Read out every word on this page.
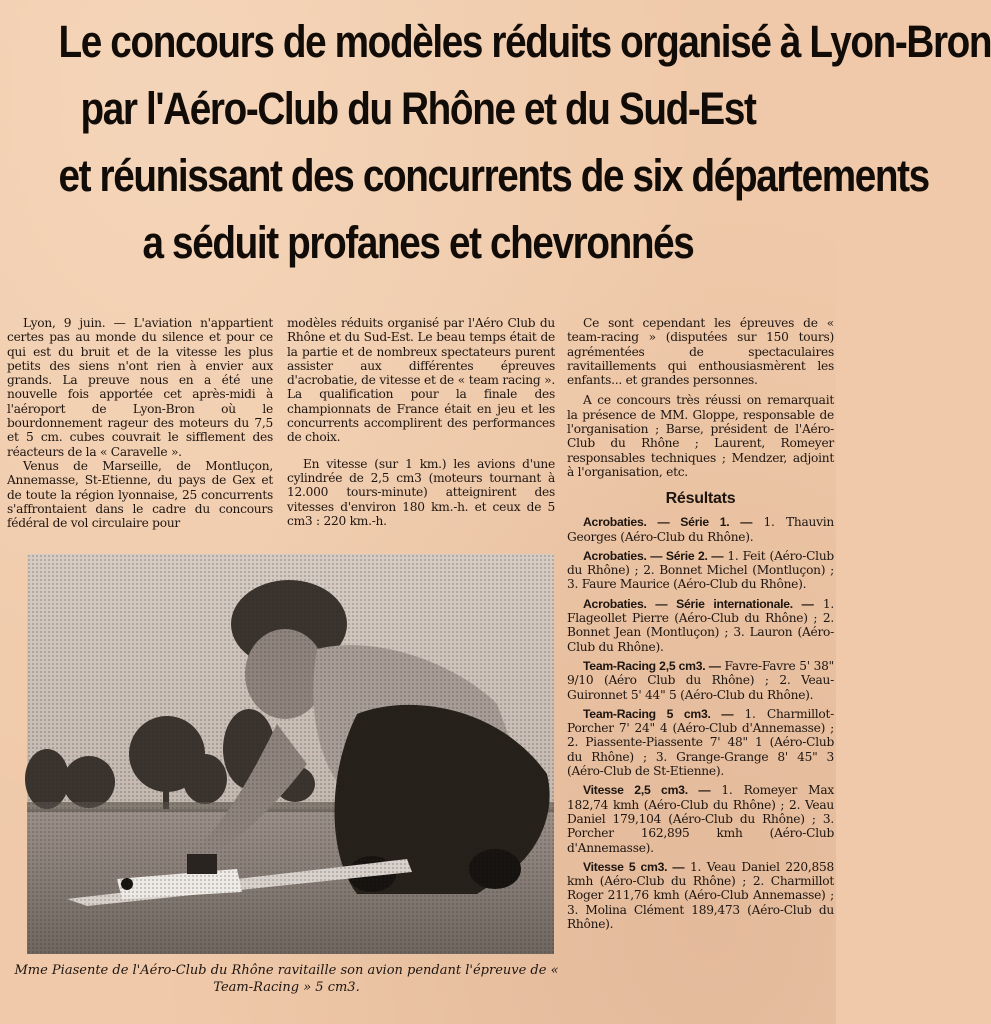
Le concours de modèles réduits organisé à Lyon-Bron
par l'Aéro-Club du Rhône et du Sud-Est
et réunissant des concurrents de six départements
a séduit profanes et chevronnés

Lyon, 9 juin. — L'aviation n'appartient certes pas au monde du silence et pour ce qui est du bruit et de la vitesse les plus petits des siens n'ont rien à envier aux grands. La preuve nous en a été une nouvelle fois apportée cet après-midi à l'aéroport de Lyon-Bron où le bourdonnement rageur des moteurs du 7,5 et 5 cm. cubes couvrait le sifflement des réacteurs de la « Caravelle ».

Venus de Marseille, de Montluçon, Annemasse, St-Etienne, du pays de Gex et de toute la région lyonnaise, 25 concurrents s'affrontaient dans le cadre du concours fédéral de vol circulaire pour

modèles réduits organisé par l'Aéro Club du Rhône et du Sud-Est. Le beau temps était de la partie et de nombreux spectateurs purent assister aux différentes épreuves d'acrobatie, de vitesse et de « team racing ». La qualification pour la finale des championnats de France était en jeu et les concurrents accomplirent des performances de choix.

En vitesse (sur 1 km.) les avions d'une cylindrée de 2,5 cm3 (moteurs tournant à 12.000 tours-minute) atteignirent des vitesses d'environ 180 km.-h. et ceux de 5 cm3 : 220 km.-h.

Ce sont cependant les épreuves de « team-racing » (disputées sur 150 tours) agrémentées de spectaculaires ravitaillements qui enthousiasmèrent les enfants... et grandes personnes.

A ce concours très réussi on remarquait la présence de MM. Gloppe, responsable de l'organisation ; Barse, président de l'Aéro-Club du Rhône ; Laurent, Romeyer responsables techniques ; Mendzer, adjoint à l'organisation, etc.

Résultats

Acrobaties. — Série 1. — 1. Thauvin Georges (Aéro-Club du Rhône).

Acrobaties. — Série 2. — 1. Feit (Aéro-Club du Rhône) ; 2. Bonnet Michel (Montluçon) ; 3. Faure Maurice (Aéro-Club du Rhône).

Acrobaties. — Série internationale. — 1. Flageollet Pierre (Aéro-Club du Rhône) ; 2. Bonnet Jean (Montluçon) ; 3. Lauron (Aéro-Club du Rhône).

Team-Racing 2,5 cm3. — Favre-Favre 5' 38" 9/10 (Aéro Club du Rhône) ; 2. Veau-Guironnet 5' 44" 5 (Aéro-Club du Rhône).

Team-Racing 5 cm3. — 1. Charmillot-Porcher 7' 24" 4 (Aéro-Club d'Annemasse) ; 2. Piassente-Piassente 7' 48" 1 (Aéro-Club du Rhône) ; 3. Grange-Grange 8' 45" 3 (Aéro-Club de St-Etienne).

Vitesse 2,5 cm3. — 1. Romeyer Max 182,74 kmh (Aéro-Club du Rhône) ; 2. Veau Daniel 179,104 (Aéro-Club du Rhône) ; 3. Porcher 162,895 kmh (Aéro-Club d'Annemasse).

Vitesse 5 cm3. — 1. Veau Daniel 220,858 kmh (Aéro-Club du Rhône) ; 2. Charmillot Roger 211,76 kmh (Aéro-Club Annemasse) ; 3. Molina Clément 189,473 (Aéro-Club du Rhône).

Mme Piasente de l'Aéro-Club du Rhône ravitaille son avion pendant l'épreuve de « Team-Racing » 5 cm3.
